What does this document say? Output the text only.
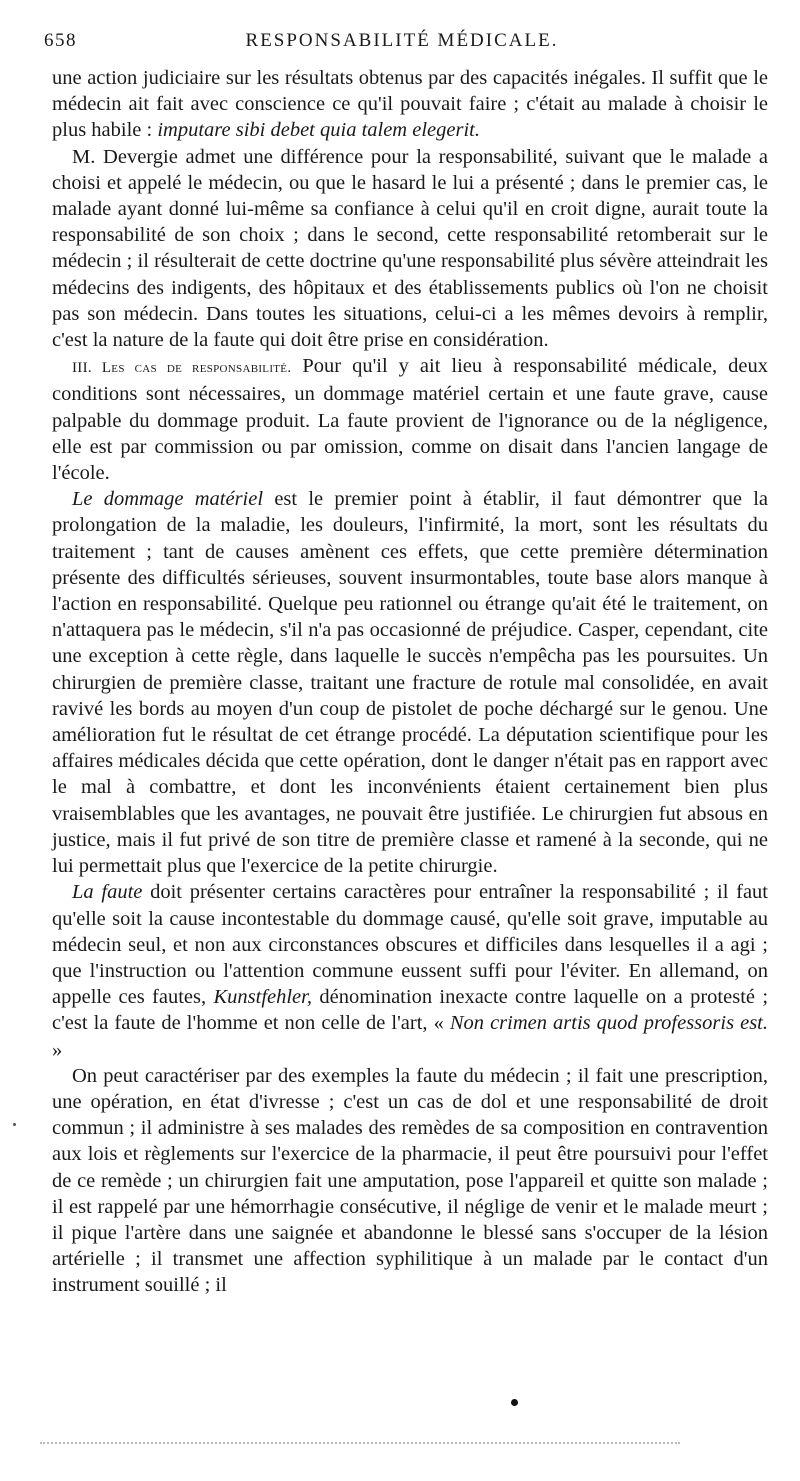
658	RESPONSABILITÉ MÉDICALE.

une action judiciaire sur les résultats obtenus par des capacités inégales. Il suffit que le médecin ait fait avec conscience ce qu'il pouvait faire ; c'était au malade à choisir le plus habile : imputare sibi debet quia talem elegerit.

M. Devergie admet une différence pour la responsabilité, suivant que le malade a choisi et appelé le médecin, ou que le hasard le lui a présenté ; dans le premier cas, le malade ayant donné lui-même sa confiance à celui qu'il en croit digne, aurait toute la responsabilité de son choix ; dans le second, cette responsabilité retomberait sur le médecin ; il résulterait de cette doctrine qu'une responsabilité plus sévère atteindrait les médecins des indigents, des hôpitaux et des établissements publics où l'on ne choisit pas son médecin. Dans toutes les situations, celui-ci a les mêmes devoirs à remplir, c'est la nature de la faute qui doit être prise en considération.

III. Les cas de responsabilité. Pour qu'il y ait lieu à responsabilité médicale, deux conditions sont nécessaires, un dommage matériel certain et une faute grave, cause palpable du dommage produit. La faute provient de l'ignorance ou de la négligence, elle est par commission ou par omission, comme on disait dans l'ancien langage de l'école.

Le dommage matériel est le premier point à établir, il faut démontrer que la prolongation de la maladie, les douleurs, l'infirmité, la mort, sont les résultats du traitement ; tant de causes amènent ces effets, que cette première détermination présente des difficultés sérieuses, souvent insurmontables, toute base alors manque à l'action en responsabilité. Quelque peu rationnel ou étrange qu'ait été le traitement, on n'attaquera pas le médecin, s'il n'a pas occasionné de préjudice. Casper, cependant, cite une exception à cette règle, dans laquelle le succès n'empêcha pas les poursuites. Un chirurgien de première classe, traitant une fracture de rotule mal consolidée, en avait ravivé les bords au moyen d'un coup de pistolet de poche déchargé sur le genou. Une amélioration fut le résultat de cet étrange procédé. La députation scientifique pour les affaires médicales décida que cette opération, dont le danger n'était pas en rapport avec le mal à combattre, et dont les inconvénients étaient certainement bien plus vraisemblables que les avantages, ne pouvait être justifiée. Le chirurgien fut absous en justice, mais il fut privé de son titre de première classe et ramené à la seconde, qui ne lui permettait plus que l'exercice de la petite chirurgie.

La faute doit présenter certains caractères pour entraîner la responsabilité ; il faut qu'elle soit la cause incontestable du dommage causé, qu'elle soit grave, imputable au médecin seul, et non aux circonstances obscures et difficiles dans lesquelles il a agi ; que l'instruction ou l'attention commune eussent suffi pour l'éviter. En allemand, on appelle ces fautes, Kunstfehler, dénomination inexacte contre laquelle on a protesté ; c'est la faute de l'homme et non celle de l'art, « Non crimen artis quod professoris est. »

On peut caractériser par des exemples la faute du médecin ; il fait une prescription, une opération, en état d'ivresse ; c'est un cas de dol et une responsabilité de droit commun ; il administre à ses malades des remèdes de sa composition en contravention aux lois et règlements sur l'exercice de la pharmacie, il peut être poursuivi pour l'effet de ce remède ; un chirurgien fait une amputation, pose l'appareil et quitte son malade ; il est rappelé par une hémorrhagie consécutive, il néglige de venir et le malade meurt ; il pique l'artère dans une saignée et abandonne le blessé sans s'occuper de la lésion artérielle ; il transmet une affection syphilitique à un malade par le contact d'un instrument souillé ; il
